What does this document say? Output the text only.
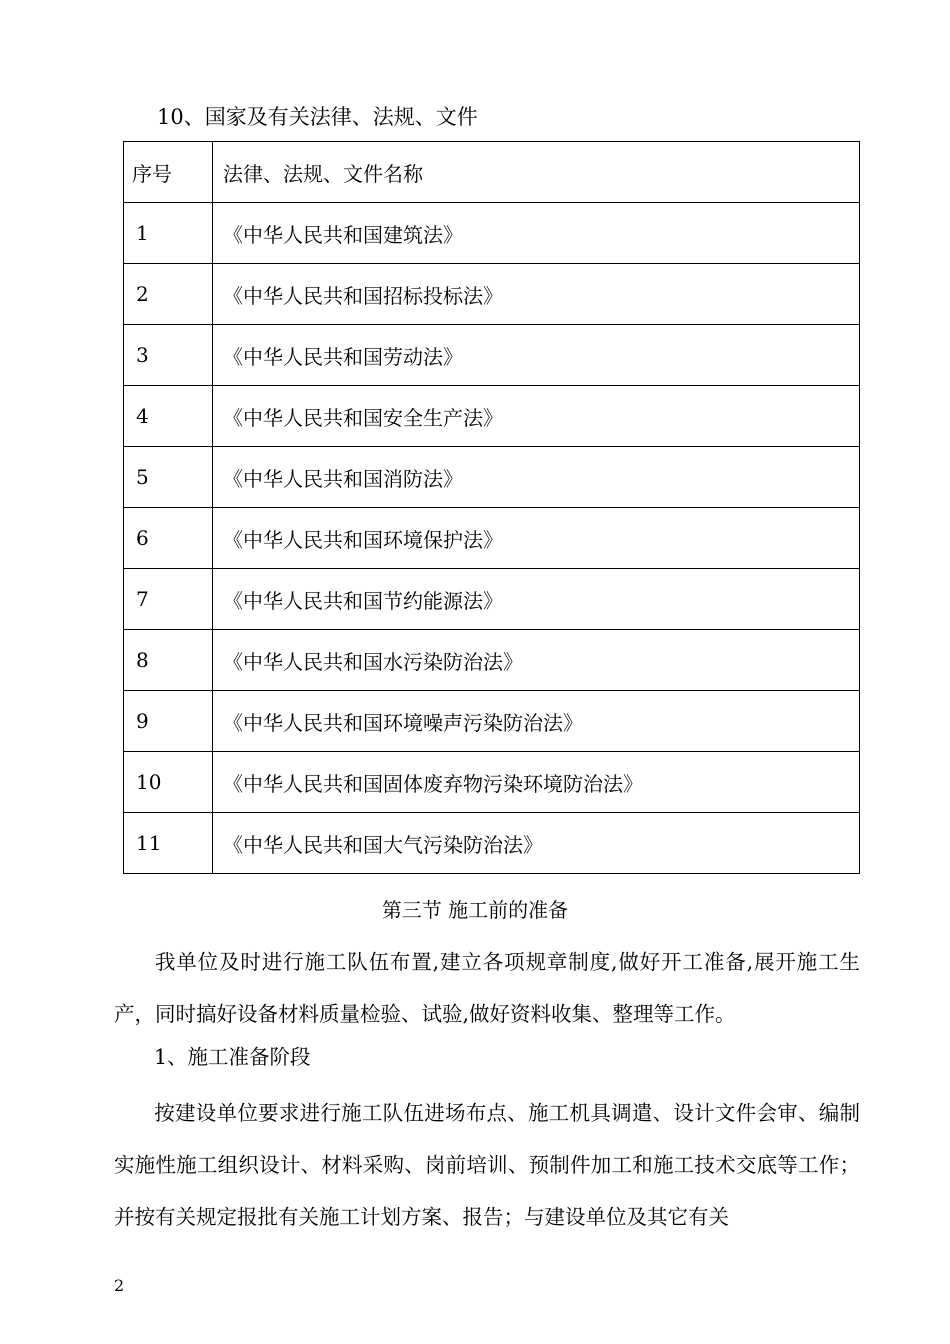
10、国家及有关法律、法规、文件
序号	法律、法规、文件名称
1	《中华人民共和国建筑法》
2	《中华人民共和国招标投标法》
3	《中华人民共和国劳动法》
4	《中华人民共和国安全生产法》
5	《中华人民共和国消防法》
6	《中华人民共和国环境保护法》
7	《中华人民共和国节约能源法》
8	《中华人民共和国水污染防治法》
9	《中华人民共和国环境噪声污染防治法》
10	《中华人民共和国固体废弃物污染环境防治法》
11	《中华人民共和国大气污染防治法》
第三节 施工前的准备
我单位及时进行施工队伍布置,建立各项规章制度,做好开工准备,展开施工生产，同时搞好设备材料质量检验、试验,做好资料收集、整理等工作。
1、施工准备阶段
按建设单位要求进行施工队伍进场布点、施工机具调遣、设计文件会审、编制实施性施工组织设计、材料采购、岗前培训、预制件加工和施工技术交底等工作；并按有关规定报批有关施工计划方案、报告；与建设单位及其它有关
2
